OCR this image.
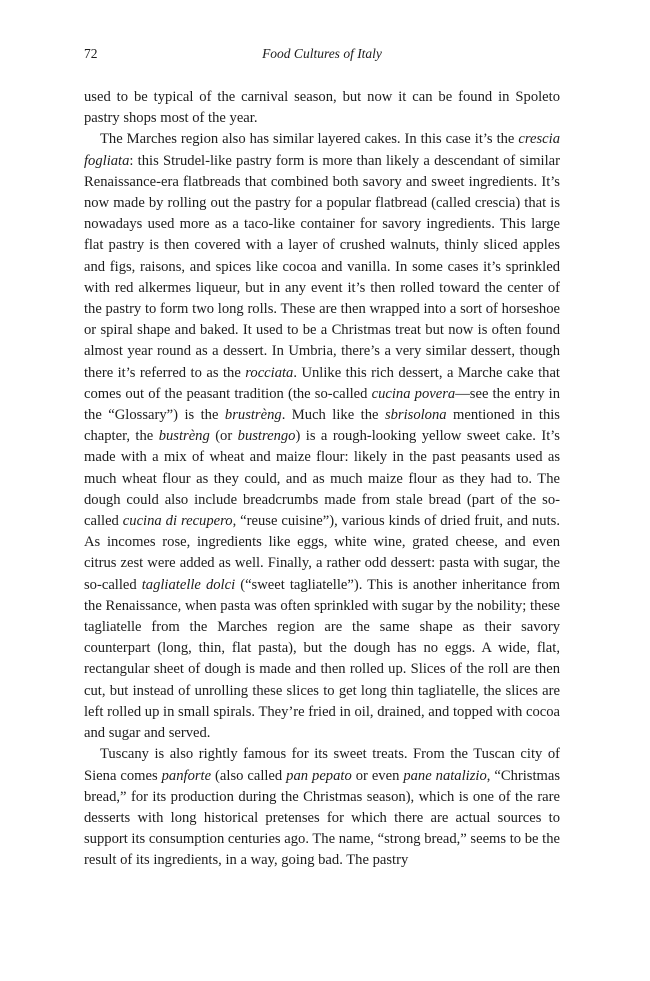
72	Food Cultures of Italy

used to be typical of the carnival season, but now it can be found in Spoleto pastry shops most of the year.

The Marches region also has similar layered cakes. In this case it’s the crescia fogliata: this Strudel-like pastry form is more than likely a descendant of similar Renaissance-era flatbreads that combined both savory and sweet ingredients. It’s now made by rolling out the pastry for a popular flatbread (called crescia) that is nowadays used more as a taco-like container for savory ingredients. This large flat pastry is then covered with a layer of crushed walnuts, thinly sliced apples and figs, raisons, and spices like cocoa and vanilla. In some cases it’s sprinkled with red alkermes liqueur, but in any event it’s then rolled toward the center of the pastry to form two long rolls. These are then wrapped into a sort of horseshoe or spiral shape and baked. It used to be a Christmas treat but now is often found almost year round as a dessert. In Umbria, there’s a very similar dessert, though there it’s referred to as the rocciata. Unlike this rich dessert, a Marche cake that comes out of the peasant tradition (the so-called cucina povera—see the entry in the “Glossary”) is the brustrèng. Much like the sbrisolona mentioned in this chapter, the bustrèng (or bustrengo) is a rough-looking yellow sweet cake. It’s made with a mix of wheat and maize flour: likely in the past peasants used as much wheat flour as they could, and as much maize flour as they had to. The dough could also include breadcrumbs made from stale bread (part of the so-called cucina di recupero, “reuse cuisine”), various kinds of dried fruit, and nuts. As incomes rose, ingredients like eggs, white wine, grated cheese, and even citrus zest were added as well. Finally, a rather odd dessert: pasta with sugar, the so-called tagliatelle dolci (“sweet tagliatelle”). This is another inheritance from the Renaissance, when pasta was often sprinkled with sugar by the nobility; these tagliatelle from the Marches region are the same shape as their savory counterpart (long, thin, flat pasta), but the dough has no eggs. A wide, flat, rectangular sheet of dough is made and then rolled up. Slices of the roll are then cut, but instead of unrolling these slices to get long thin tagliatelle, the slices are left rolled up in small spirals. They’re fried in oil, drained, and topped with cocoa and sugar and served.

Tuscany is also rightly famous for its sweet treats. From the Tuscan city of Siena comes panforte (also called pan pepato or even pane natalizio, “Christmas bread,” for its production during the Christmas season), which is one of the rare desserts with long historical pretenses for which there are actual sources to support its consumption centuries ago. The name, “strong bread,” seems to be the result of its ingredients, in a way, going bad. The pastry
